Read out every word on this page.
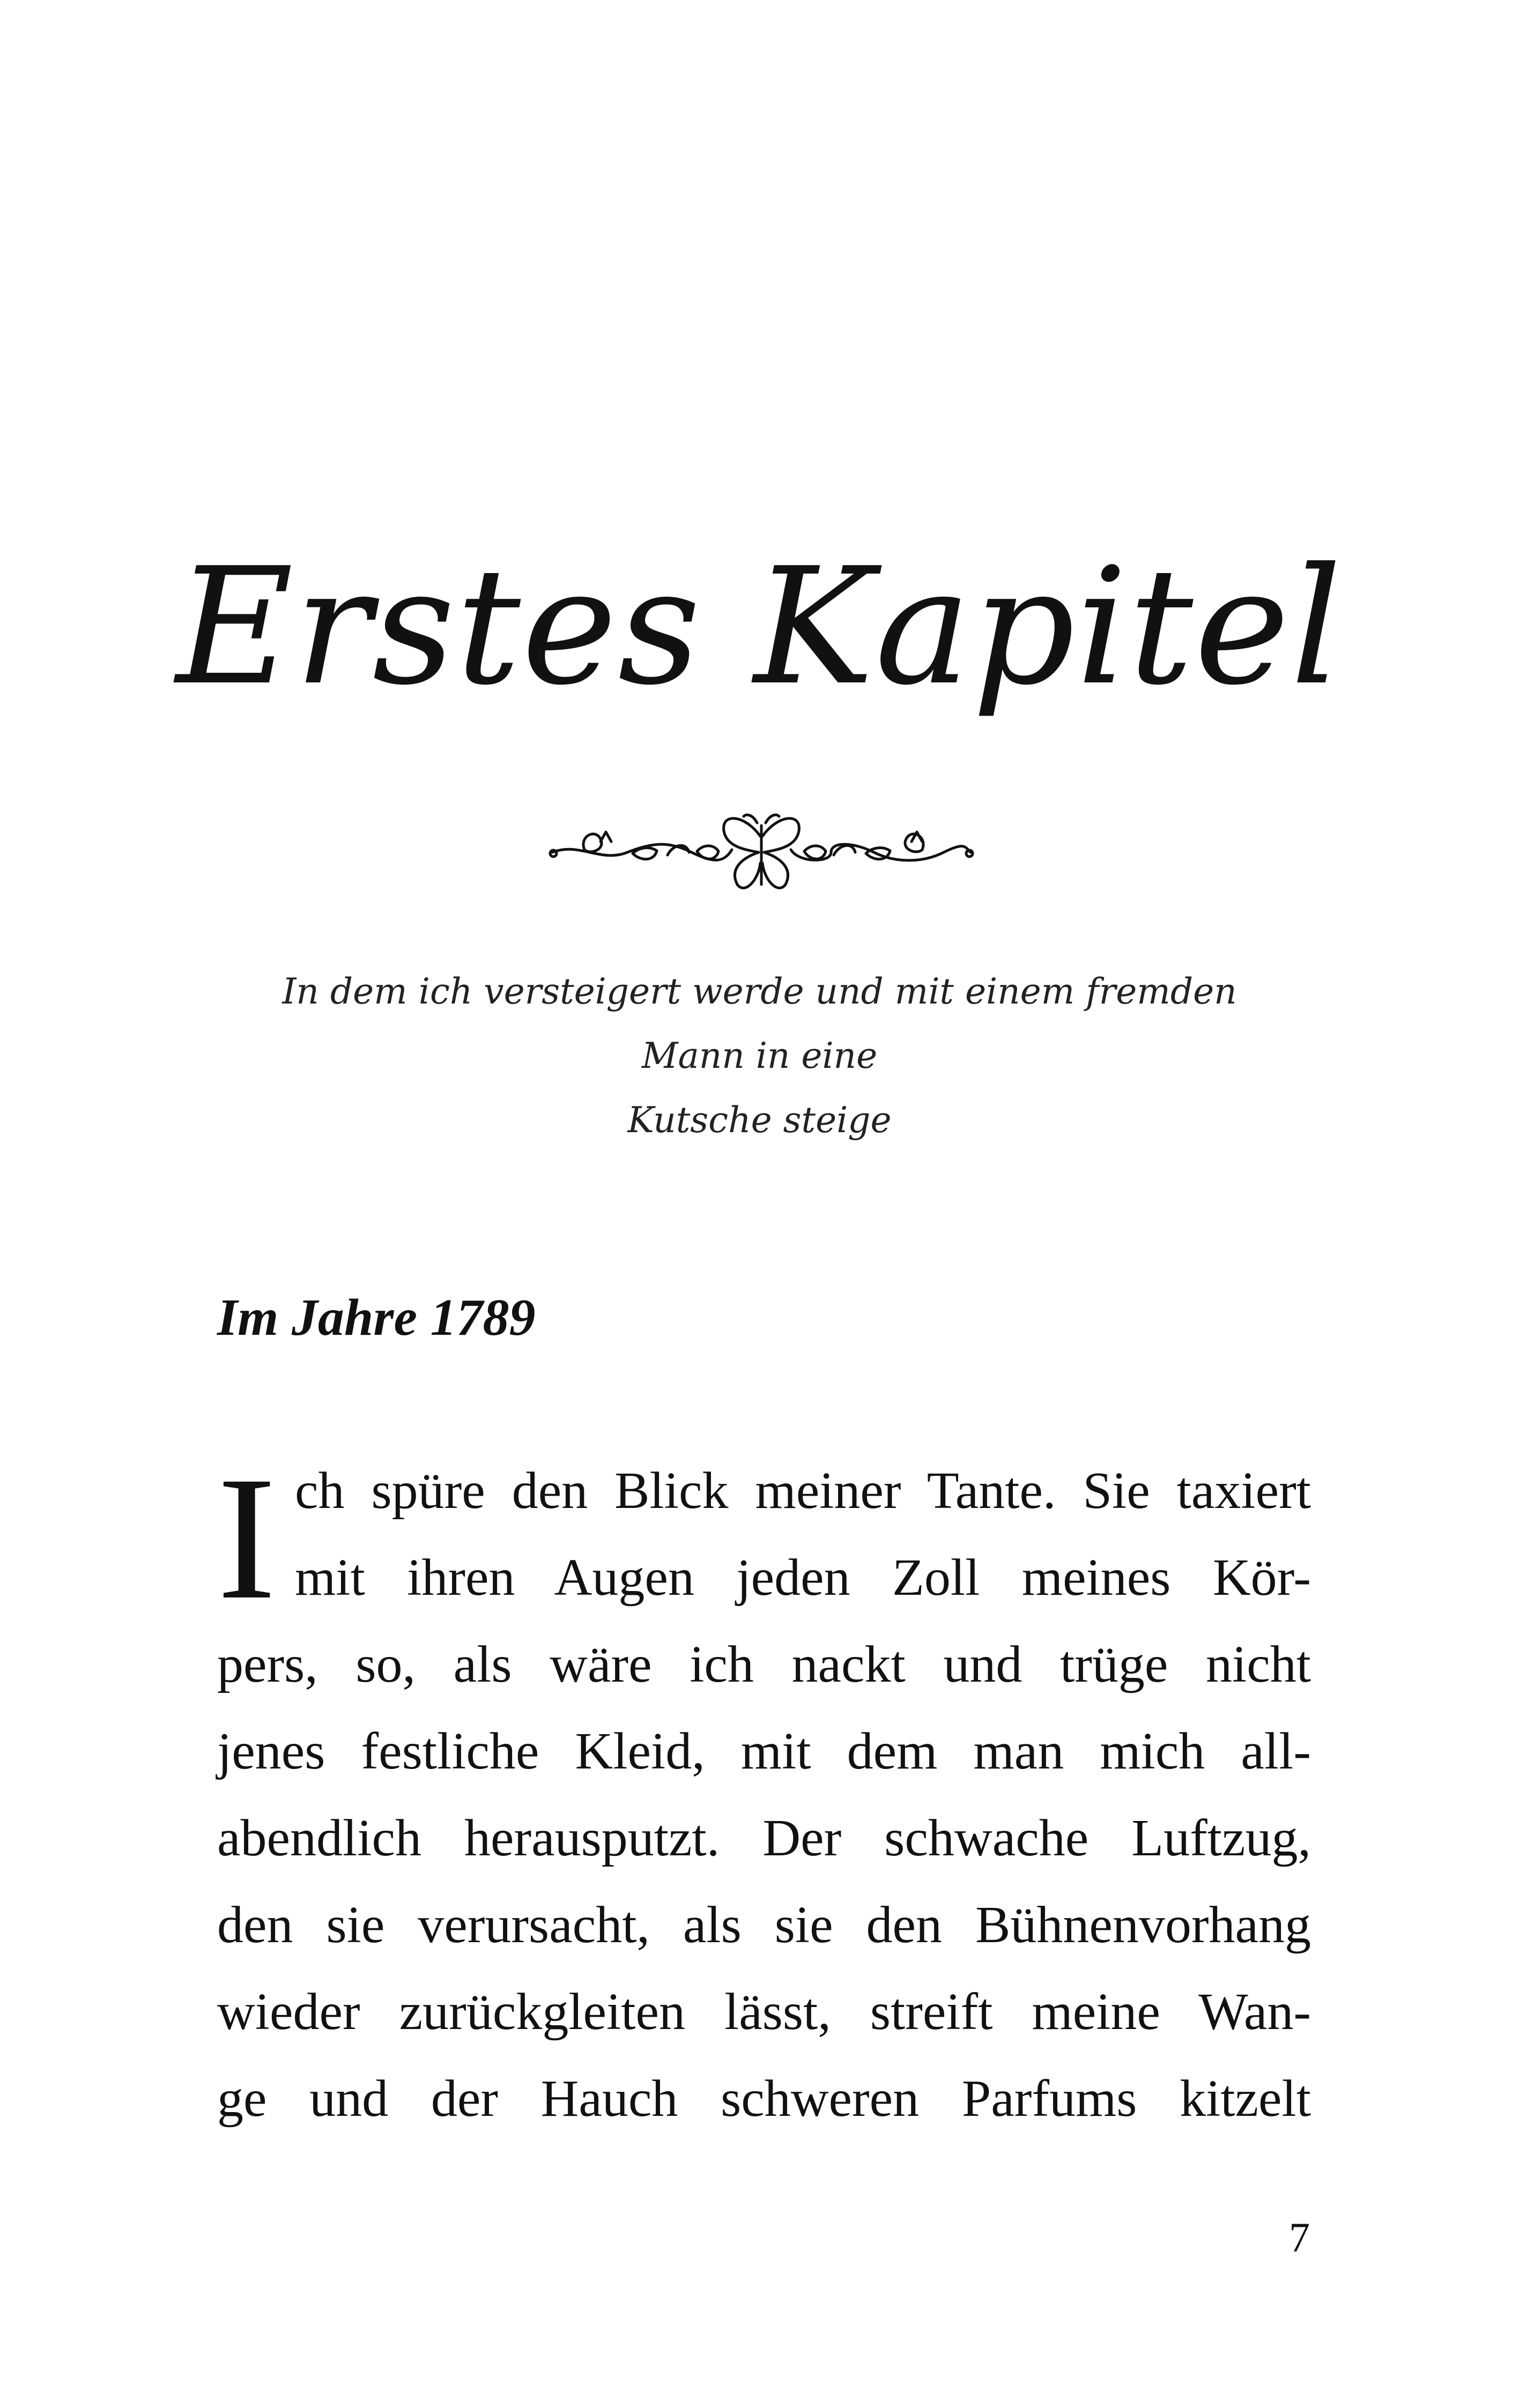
Erstes Kapitel
In dem ich versteigert werde und mit einem fremden Mann in eine
Kutsche steige
Im Jahre 1789
I ch spüre den Blick meiner Tante. Sie taxiert
mit ihren Augen jeden Zoll meines Kör-
pers, so, als wäre ich nackt und trüge nicht
jenes festliche Kleid, mit dem man mich all-
abendlich herausputzt. Der schwache Luftzug,
den sie verursacht, als sie den Bühnenvorhang
wieder zurückgleiten lässt, streift meine Wan-
ge und der Hauch schweren Parfums kitzelt
7
